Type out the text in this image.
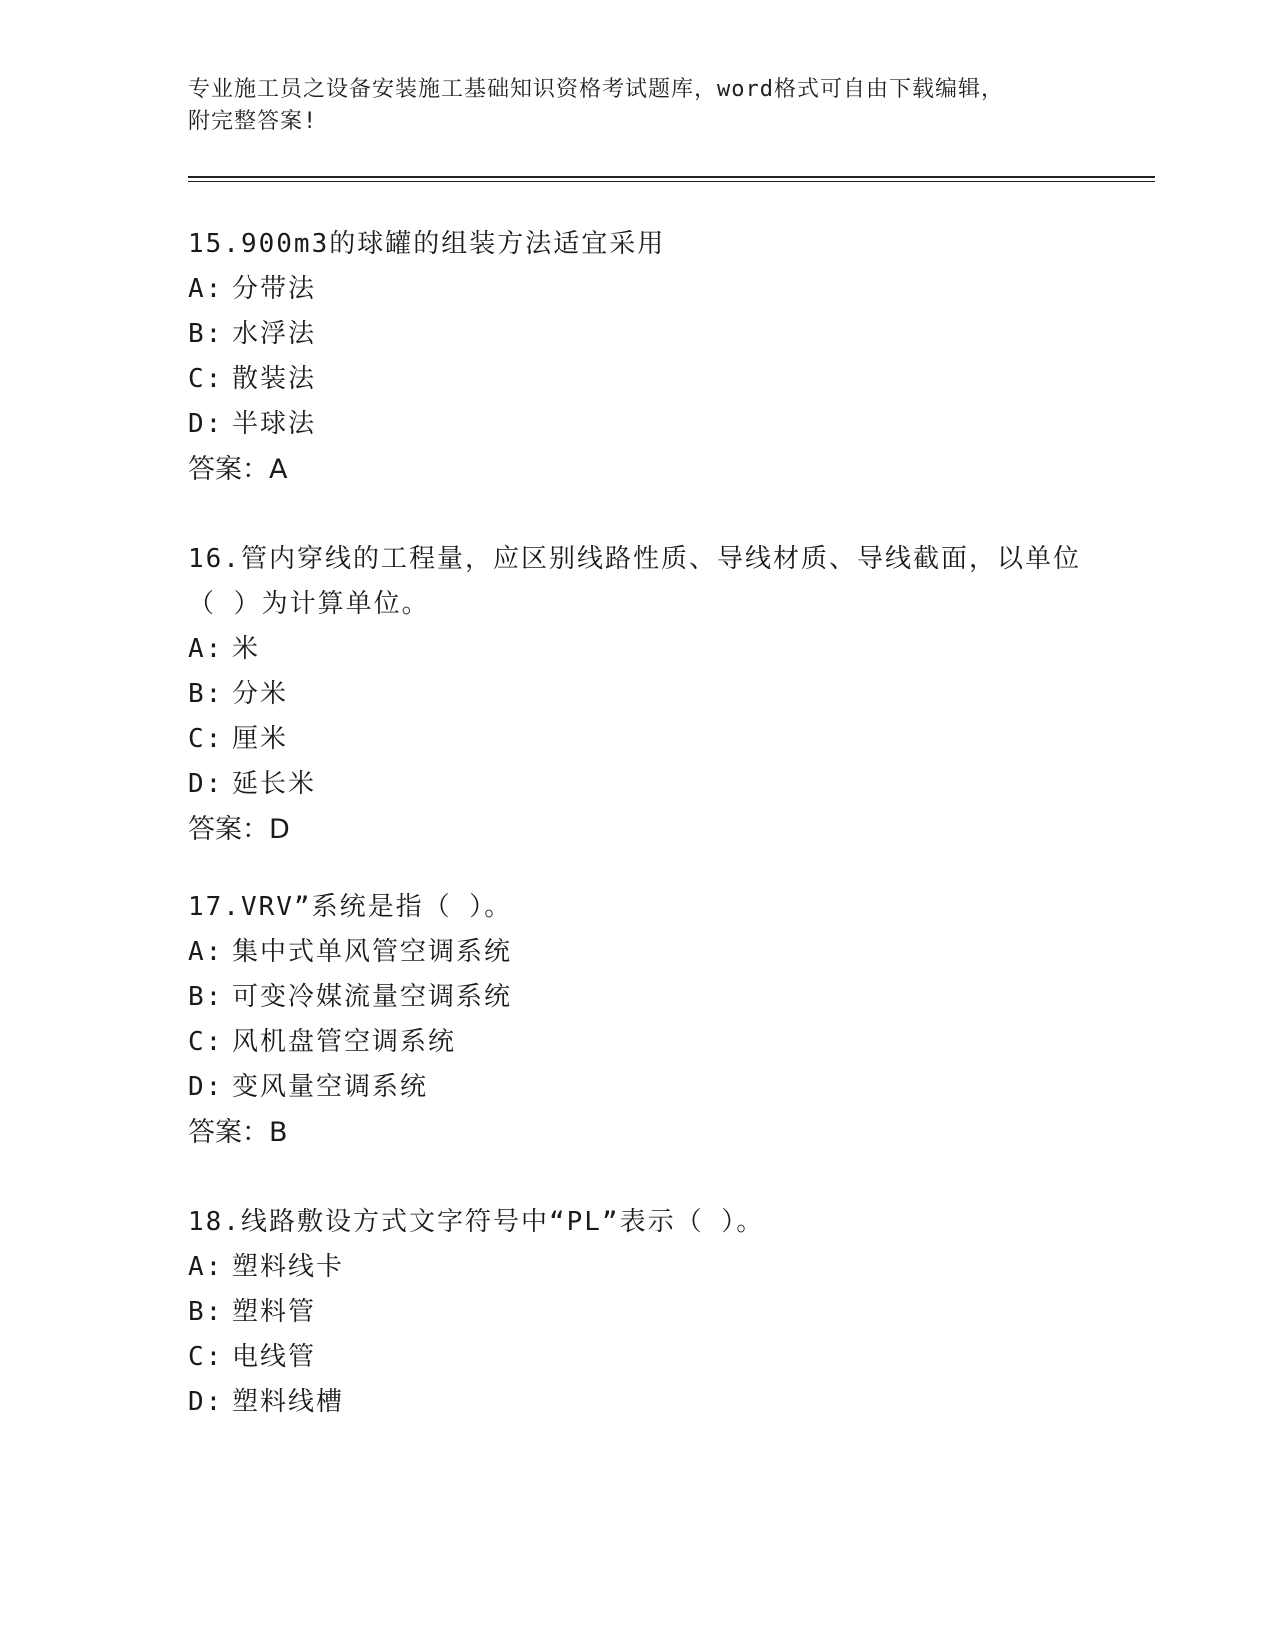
专业施工员之设备安装施工基础知识资格考试题库，word格式可自由下载编辑，
附完整答案!

15.900m3的球罐的组装方法适宜采用

A: 分带法

B: 水浮法

C: 散装法

D: 半球法

答案：A

16.管内穿线的工程量，应区别线路性质、导线材质、导线截面，以单位（ ）为计算单位。

A: 米

B: 分米

C: 厘米

D: 延长米

答案：D

17.VRV”系统是指（ ）。

A: 集中式单风管空调系统

B: 可变冷媒流量空调系统

C: 风机盘管空调系统

D: 变风量空调系统

答案：B

18.线路敷设方式文字符号中“PL”表示（ ）。

A: 塑料线卡

B: 塑料管

C: 电线管

D: 塑料线槽
